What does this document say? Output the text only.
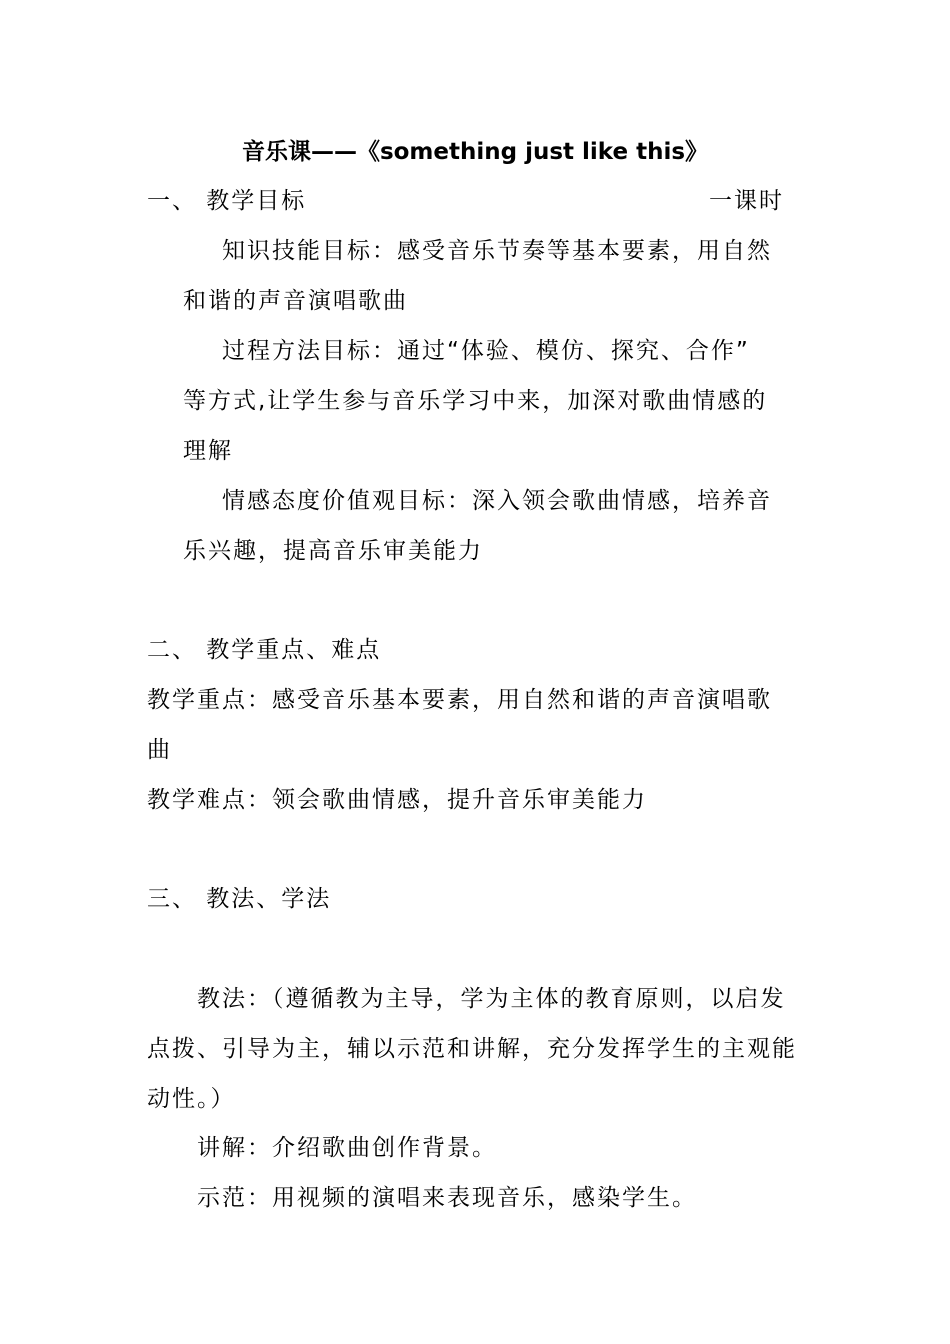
音乐课——《something just like this》
一、 教学目标	一课时
知识技能目标：感受音乐节奏等基本要素，用自然
和谐的声音演唱歌曲
过程方法目标：通过“体验、模仿、探究、合作”
等方式,让学生参与音乐学习中来，加深对歌曲情感的
理解
情感态度价值观目标：深入领会歌曲情感，培养音
乐兴趣，提高音乐审美能力
二、 教学重点、难点
教学重点：感受音乐基本要素，用自然和谐的声音演唱歌
曲
教学难点：领会歌曲情感，提升音乐审美能力
三、 教法、学法
教法：（遵循教为主导，学为主体的教育原则，以启发
点拨、引导为主，辅以示范和讲解，充分发挥学生的主观能
动性。）
讲解：介绍歌曲创作背景。
示范：用视频的演唱来表现音乐，感染学生。
